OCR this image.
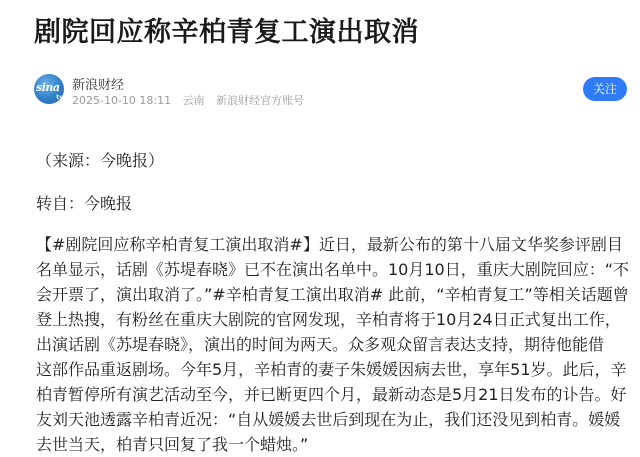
剧院回应称辛柏青复工演出取消
sina
tv
新浪财经
2025-10-10 18:11 云南 新浪财经官方账号
关注
（来源：今晚报）
转自：今晚报
【#剧院回应称辛柏青复工演出取消#】近日，最新公布的第十八届文华奖参评剧目
名单显示，话剧《苏堤春晓》已不在演出名单中。10月10日，重庆大剧院回应：“不
会开票了，演出取消了。”#辛柏青复工演出取消# 此前，“辛柏青复工”等相关话题曾
登上热搜，有粉丝在重庆大剧院的官网发现，辛柏青将于10月24日正式复出工作，
出演话剧《苏堤春晓》，演出的时间为两天。众多观众留言表达支持，期待他能借
这部作品重返剧场。今年5月，辛柏青的妻子朱媛媛因病去世，享年51岁。此后，辛
柏青暂停所有演艺活动至今，并已断更四个月，最新动态是5月21日发布的讣告。好
友刘天池透露辛柏青近况：“自从媛媛去世后到现在为止，我们还没见到柏青。媛媛
去世当天，柏青只回复了我一个蜡烛。”
